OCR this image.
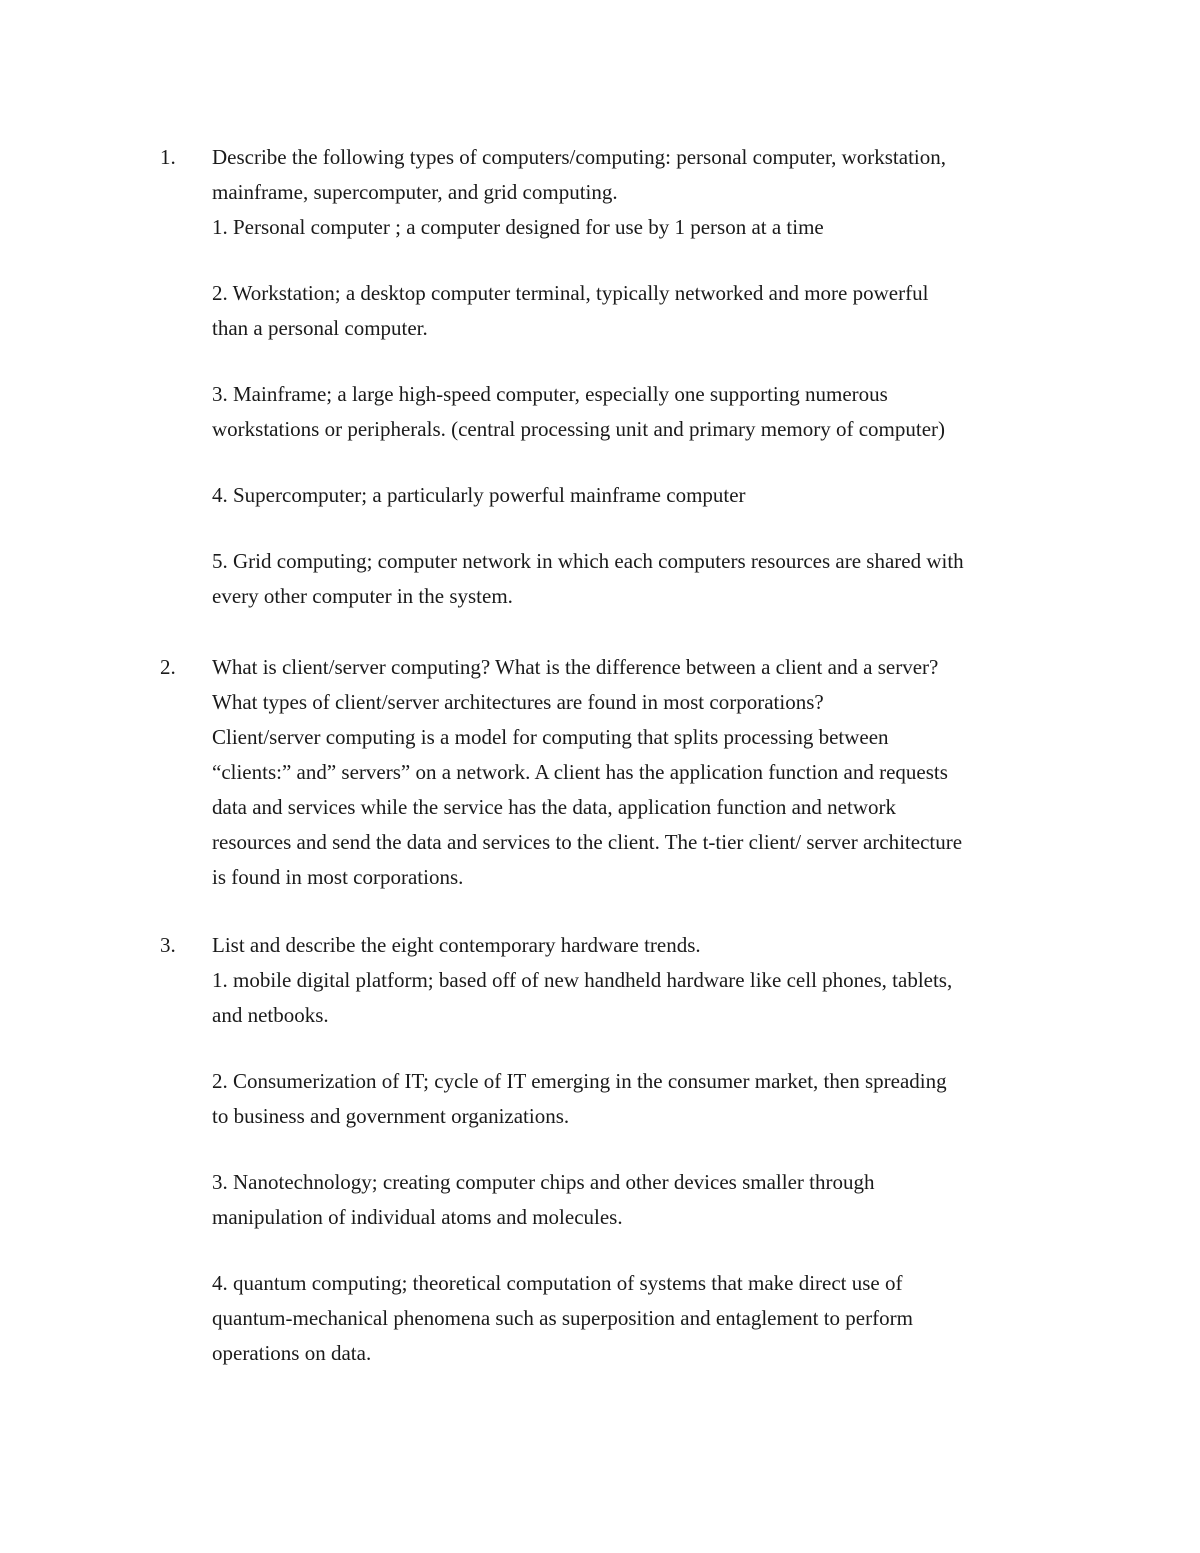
1. Describe the following types of computers/computing: personal computer, workstation,
mainframe, supercomputer, and grid computing.
1. Personal computer ; a computer designed for use by 1 person at a time
2. Workstation; a desktop computer terminal, typically networked and more powerful
than a personal computer.
3. Mainframe; a large high-speed computer, especially one supporting numerous
workstations or peripherals. (central processing unit and primary memory of computer)
4. Supercomputer; a particularly powerful mainframe computer
5. Grid computing; computer network in which each computers resources are shared with
every other computer in the system.
2. What is client/server computing? What is the difference between a client and a server?
What types of client/server architectures are found in most corporations?
Client/server computing is a model for computing that splits processing between
“clients:” and” servers” on a network. A client has the application function and requests
data and services while the service has the data, application function and network
resources and send the data and services to the client. The t-tier client/ server architecture
is found in most corporations.
3. List and describe the eight contemporary hardware trends.
1. mobile digital platform; based off of new handheld hardware like cell phones, tablets,
and netbooks.
2. Consumerization of IT; cycle of IT emerging in the consumer market, then spreading
to business and government organizations.
3. Nanotechnology; creating computer chips and other devices smaller through
manipulation of individual atoms and molecules.
4. quantum computing; theoretical computation of systems that make direct use of
quantum-mechanical phenomena such as superposition and entaglement to perform
operations on data.
